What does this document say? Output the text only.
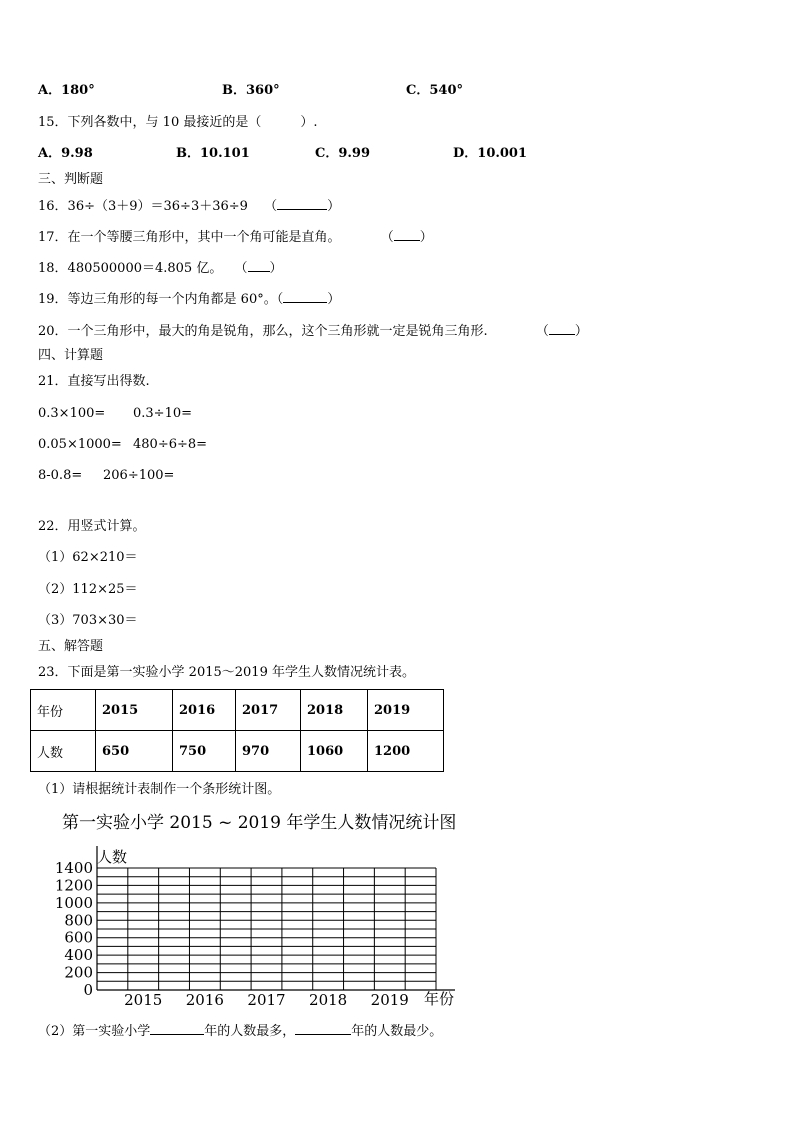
A．180°	B．360°	C．540°
15．下列各数中，与 10 最接近的是（　　　）.
A．9.98	B．10.101	C．9.99	D．10.001
三、判断题
16．36÷（3＋9）＝36÷3＋36÷9 （	）
17．在一个等腰三角形中，其中一个角可能是直角。	（ ）
18．480500000＝4.805 亿。 （ ）
19．等边三角形的每一个内角都是 60°。（	）
20．一个三角形中，最大的角是锐角，那么，这个三角形就一定是锐角三角形.	（ ）
四、计算题
21．直接写出得数.
0.3×100= 0.3÷10=
0.05×1000= 480÷6÷8=
8-0.8= 206÷100=
22．用竖式计算。
（1）62×210＝
（2）112×25＝
（3）703×30＝
五、解答题
23．下面是第一实验小学 2015～2019 年学生人数情况统计表。
年份	2015	2016	2017	2018	2019
人数	650	750	970	1060	1200
（1）请根据统计表制作一个条形统计图。
第一实验小学 2015 ~ 2019 年学生人数情况统计图
0
200
400
600
800
1000
1200
1400
2015 2016 2017 2018 2019
人数
年份
（2）第一实验小学	年的人数最多，	年的人数最少。
